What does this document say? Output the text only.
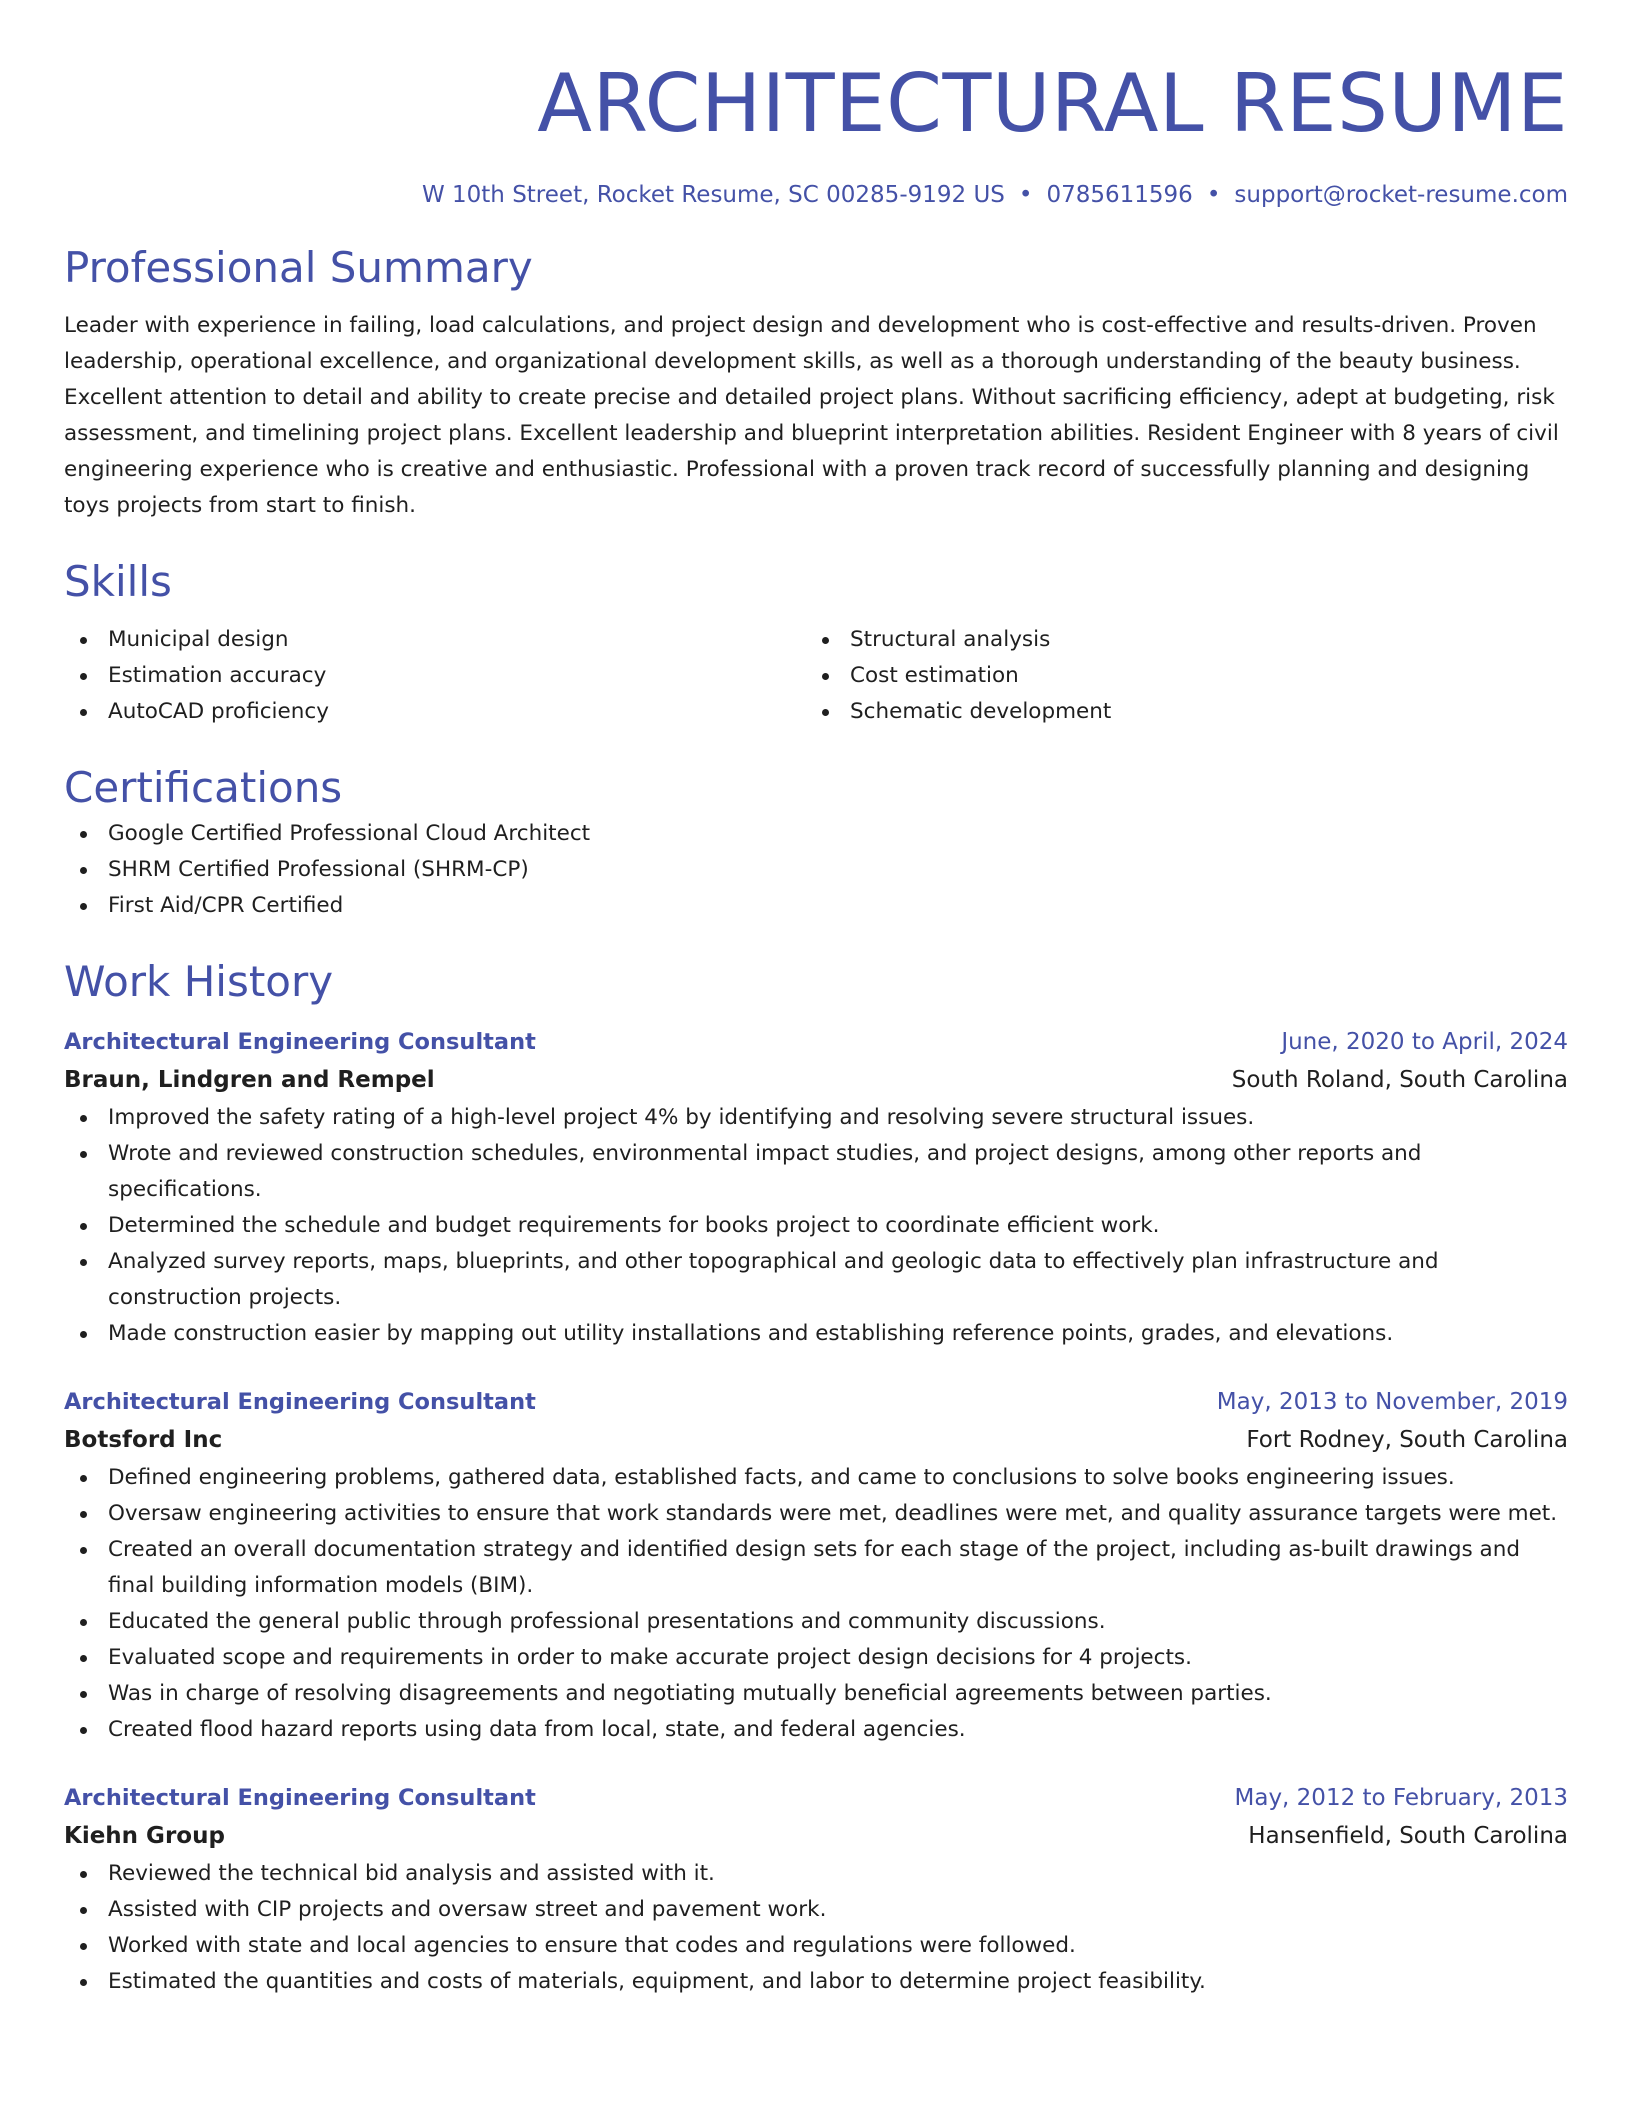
ARCHITECTURAL RESUME
W 10th Street, Rocket Resume, SC 00285-9192 US • 0785611596 • support@rocket-resume.com
Professional Summary

Leader with experience in failing, load calculations, and project design and development who is cost-effective and results-driven. Proven leadership, operational excellence, and organizational development skills, as well as a thorough understanding of the beauty business. Excellent attention to detail and ability to create precise and detailed project plans. Without sacrificing efficiency, adept at budgeting, risk assessment, and timelining project plans. Excellent leadership and blueprint interpretation abilities. Resident Engineer with 8 years of civil engineering experience who is creative and enthusiastic. Professional with a proven track record of successfully planning and designing toys projects from start to finish.

Skills
Municipal design
Estimation accuracy
AutoCAD proficiency
Structural analysis
Cost estimation
Schematic development
Certifications
Google Certified Professional Cloud Architect
SHRM Certified Professional (SHRM-CP)
First Aid/CPR Certified
Work History
Architectural Engineering Consultant	June, 2020 to April, 2024
Braun, Lindgren and Rempel	South Roland, South Carolina
Improved the safety rating of a high-level project 4% by identifying and resolving severe structural issues.
Wrote and reviewed construction schedules, environmental impact studies, and project designs, among other reports and specifications.
Determined the schedule and budget requirements for books project to coordinate efficient work.
Analyzed survey reports, maps, blueprints, and other topographical and geologic data to effectively plan infrastructure and construction projects.
Made construction easier by mapping out utility installations and establishing reference points, grades, and elevations.
Architectural Engineering Consultant	May, 2013 to November, 2019
Botsford Inc	Fort Rodney, South Carolina
Defined engineering problems, gathered data, established facts, and came to conclusions to solve books engineering issues.
Oversaw engineering activities to ensure that work standards were met, deadlines were met, and quality assurance targets were met.
Created an overall documentation strategy and identified design sets for each stage of the project, including as-built drawings and final building information models (BIM).
Educated the general public through professional presentations and community discussions.
Evaluated scope and requirements in order to make accurate project design decisions for 4 projects.
Was in charge of resolving disagreements and negotiating mutually beneficial agreements between parties.
Created flood hazard reports using data from local, state, and federal agencies.
Architectural Engineering Consultant	May, 2012 to February, 2013
Kiehn Group	Hansenfield, South Carolina
Reviewed the technical bid analysis and assisted with it.
Assisted with CIP projects and oversaw street and pavement work.
Worked with state and local agencies to ensure that codes and regulations were followed.
Estimated the quantities and costs of materials, equipment, and labor to determine project feasibility.
